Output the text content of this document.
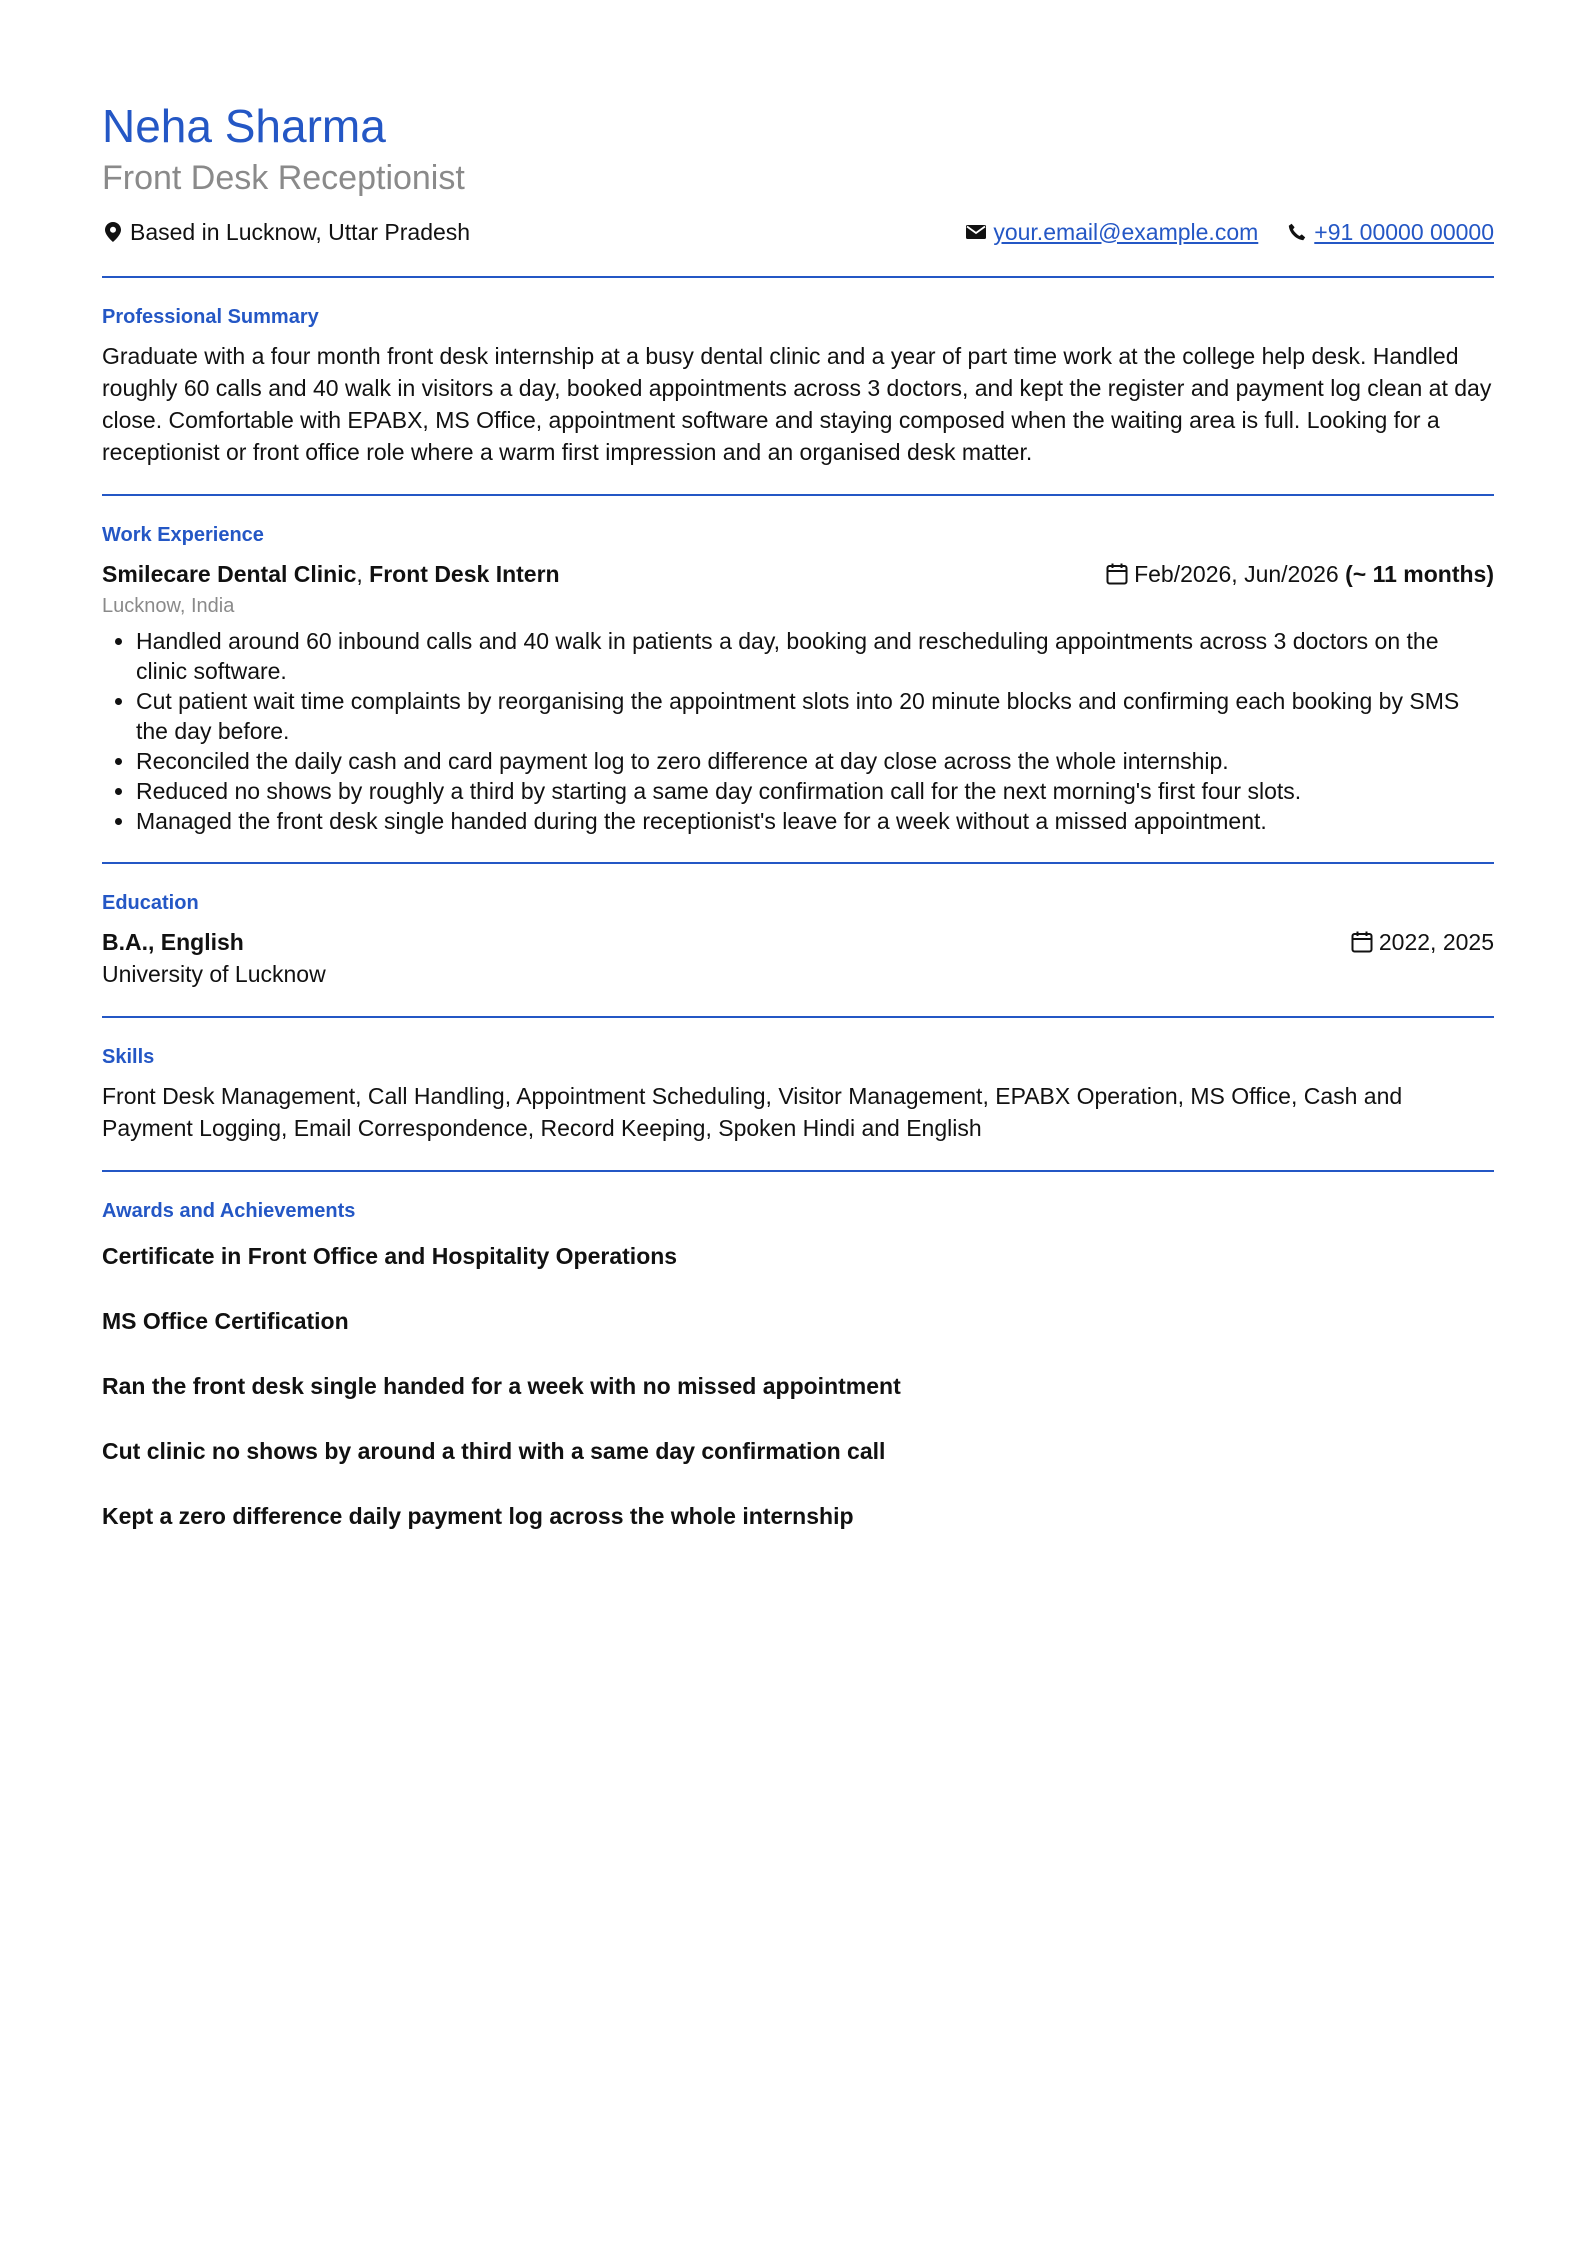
Neha Sharma
Front Desk Receptionist
Based in Lucknow, Uttar Pradesh	your.email@example.com +91 00000 00000
Professional Summary

Graduate with a four month front desk internship at a busy dental clinic and a year of part time work at the college help desk. Handled roughly 60 calls and 40 walk in visitors a day, booked appointments across 3 doctors, and kept the register and payment log clean at day close. Comfortable with EPABX, MS Office, appointment software and staying composed when the waiting area is full. Looking for a receptionist or front office role where a warm first impression and an organised desk matter.

Work Experience
Smilecare Dental Clinic, Front Desk Intern	Feb/2026, Jun/2026
(~ 11 months)
Lucknow, India
• Handled around 60 inbound calls and 40 walk in patients a day, booking and rescheduling appointments across 3 doctors on the clinic software.
• Cut patient wait time complaints by reorganising the appointment slots into 20 minute blocks and confirming each booking by SMS the day before.
• Reconciled the daily cash and card payment log to zero difference at day close across the whole internship.
• Reduced no shows by roughly a third by starting a same day confirmation call for the next morning's first four slots.
• Managed the front desk single handed during the receptionist's leave for a week without a missed appointment.
Education
B.A., English	2022, 2025
University of Lucknow
Skills

Front Desk Management, Call Handling, Appointment Scheduling, Visitor Management, EPABX Operation, MS Office, Cash and Payment Logging, Email Correspondence, Record Keeping, Spoken Hindi and English

Awards and Achievements
Certificate in Front Office and Hospitality Operations
MS Office Certification
Ran the front desk single handed for a week with no missed appointment
Cut clinic no shows by around a third with a same day confirmation call
Kept a zero difference daily payment log across the whole internship
